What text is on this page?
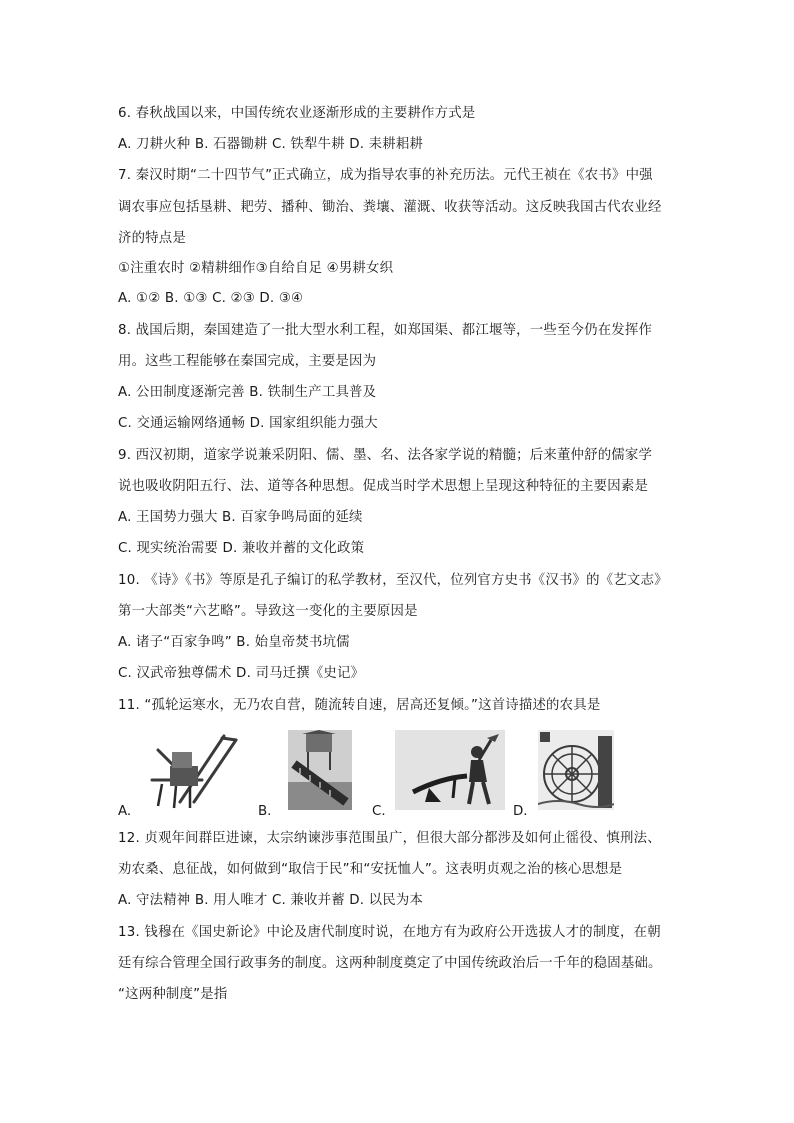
6. 春秋战国以来，中国传统农业逐渐形成的主要耕作方式是
A. 刀耕火种 B. 石器锄耕 C. 铁犁牛耕 D. 耒耕耜耕
7. 秦汉时期“二十四节气”正式确立，成为指导农事的补充历法。元代王祯在《农书》中强
调农事应包括垦耕、耙劳、播种、锄治、粪壤、灌溉、收获等活动。这反映我国古代农业经
济的特点是
①注重农时 ②精耕细作③自给自足 ④男耕女织
A. ①② B. ①③ C. ②③ D. ③④
8. 战国后期，秦国建造了一批大型水利工程，如郑国渠、都江堰等，一些至今仍在发挥作
用。这些工程能够在秦国完成，主要是因为
A. 公田制度逐渐完善 B. 铁制生产工具普及
C. 交通运输网络通畅 D. 国家组织能力强大
9. 西汉初期，道家学说兼采阴阳、儒、墨、名、法各家学说的精髓；后来董仲舒的儒家学
说也吸收阴阳五行、法、道等各种思想。促成当时学术思想上呈现这种特征的主要因素是
A. 王国势力强大 B. 百家争鸣局面的延续
C. 现实统治需要 D. 兼收并蓄的文化政策
10. 《诗》《书》等原是孔子编订的私学教材，至汉代，位列官方史书《汉书》的《艺文志》
第一大部类“六艺略”。导致这一变化的主要原因是
A. 诸子“百家争鸣” B. 始皇帝焚书坑儒
C. 汉武帝独尊儒术 D. 司马迁撰《史记》
11. “孤轮运寒水，无乃农自营，随流转自速，居高还复倾。”这首诗描述的农具是
A.	B.	C.	D.
12. 贞观年间群臣进谏，太宗纳谏涉事范围虽广，但很大部分都涉及如何止徭役、慎刑法、
劝农桑、息征战，如何做到“取信于民”和“安抚恤人”。这表明贞观之治的核心思想是
A. 守法精神 B. 用人唯才 C. 兼收并蓄 D. 以民为本
13. 钱穆在《国史新论》中论及唐代制度时说，在地方有为政府公开选拔人才的制度，在朝
廷有综合管理全国行政事务的制度。这两种制度奠定了中国传统政治后一千年的稳固基础。
“这两种制度”是指
